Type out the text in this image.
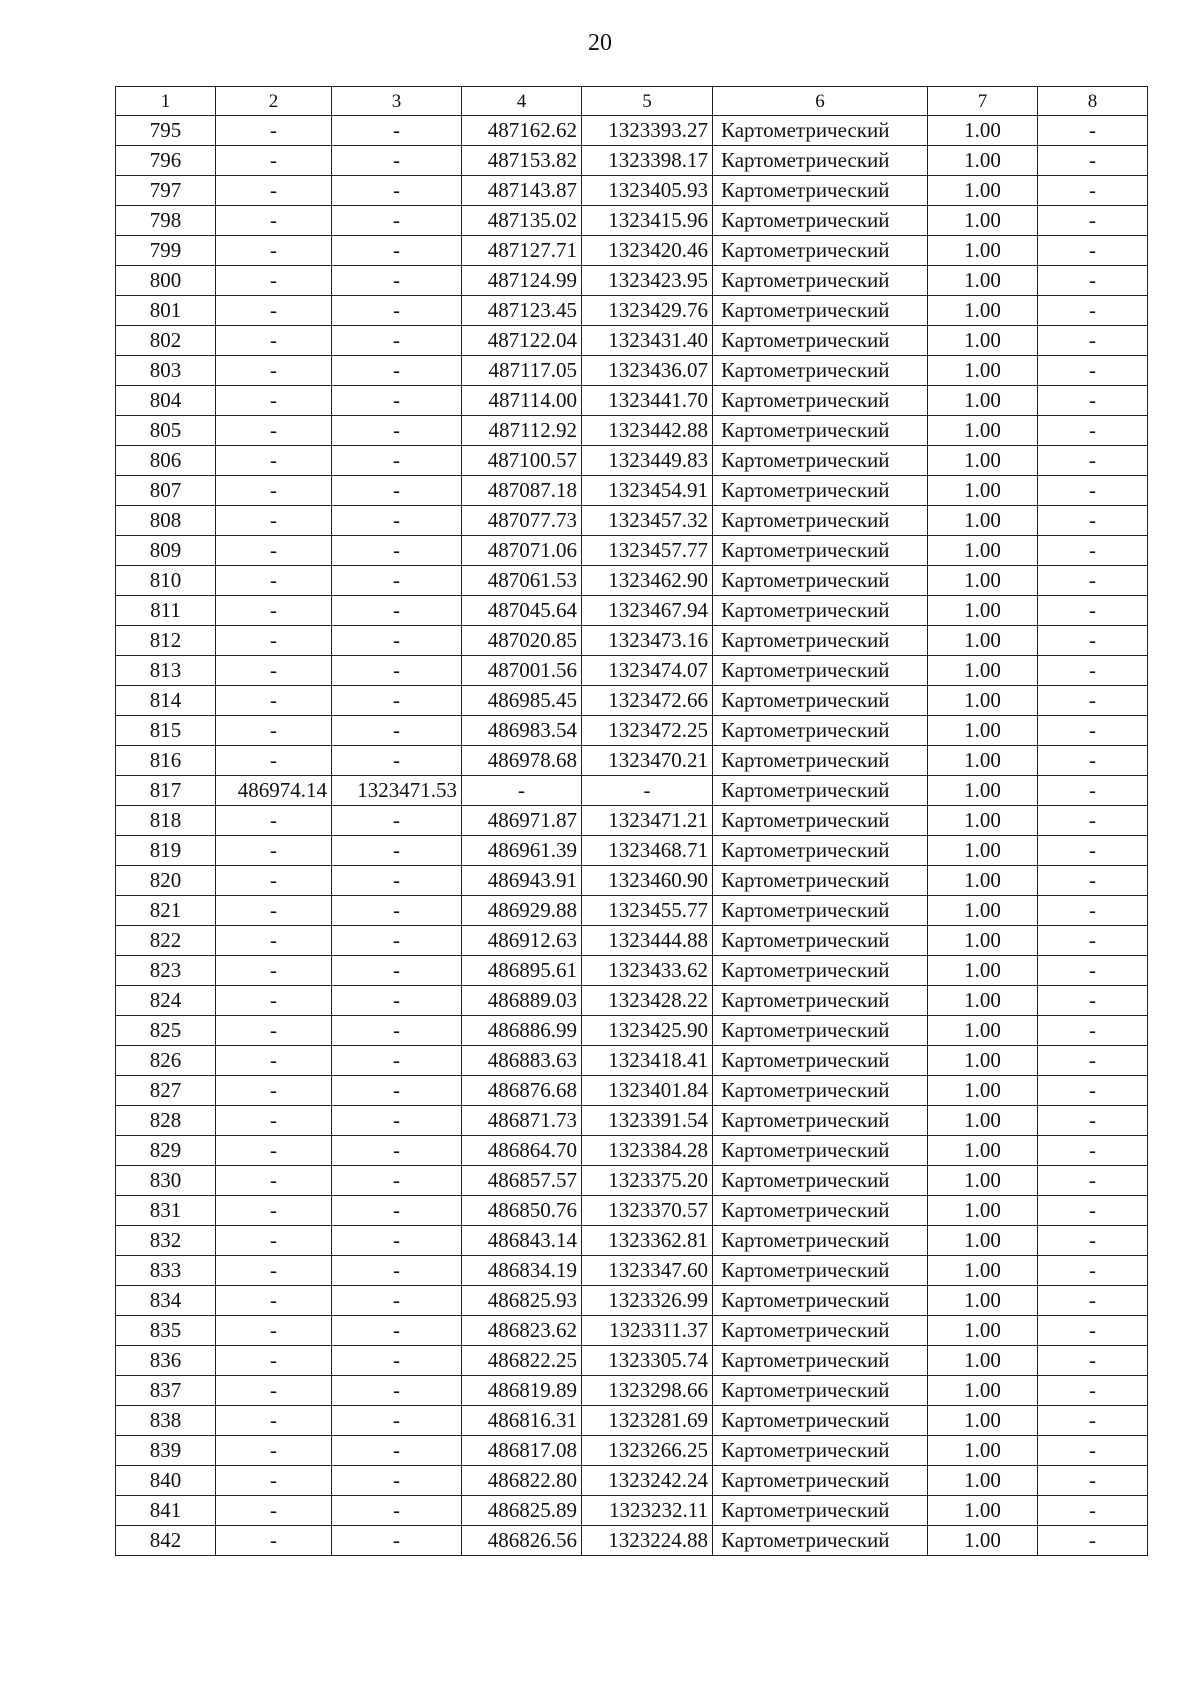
20
1	2	3	4	5	6	7	8
795	-	-	487162.62	1323393.27	Картометрический	1.00	-
796	-	-	487153.82	1323398.17	Картометрический	1.00	-
797	-	-	487143.87	1323405.93	Картометрический	1.00	-
798	-	-	487135.02	1323415.96	Картометрический	1.00	-
799	-	-	487127.71	1323420.46	Картометрический	1.00	-
800	-	-	487124.99	1323423.95	Картометрический	1.00	-
801	-	-	487123.45	1323429.76	Картометрический	1.00	-
802	-	-	487122.04	1323431.40	Картометрический	1.00	-
803	-	-	487117.05	1323436.07	Картометрический	1.00	-
804	-	-	487114.00	1323441.70	Картометрический	1.00	-
805	-	-	487112.92	1323442.88	Картометрический	1.00	-
806	-	-	487100.57	1323449.83	Картометрический	1.00	-
807	-	-	487087.18	1323454.91	Картометрический	1.00	-
808	-	-	487077.73	1323457.32	Картометрический	1.00	-
809	-	-	487071.06	1323457.77	Картометрический	1.00	-
810	-	-	487061.53	1323462.90	Картометрический	1.00	-
811	-	-	487045.64	1323467.94	Картометрический	1.00	-
812	-	-	487020.85	1323473.16	Картометрический	1.00	-
813	-	-	487001.56	1323474.07	Картометрический	1.00	-
814	-	-	486985.45	1323472.66	Картометрический	1.00	-
815	-	-	486983.54	1323472.25	Картометрический	1.00	-
816	-	-	486978.68	1323470.21	Картометрический	1.00	-
817	486974.14	1323471.53	-	-	Картометрический	1.00	-
818	-	-	486971.87	1323471.21	Картометрический	1.00	-
819	-	-	486961.39	1323468.71	Картометрический	1.00	-
820	-	-	486943.91	1323460.90	Картометрический	1.00	-
821	-	-	486929.88	1323455.77	Картометрический	1.00	-
822	-	-	486912.63	1323444.88	Картометрический	1.00	-
823	-	-	486895.61	1323433.62	Картометрический	1.00	-
824	-	-	486889.03	1323428.22	Картометрический	1.00	-
825	-	-	486886.99	1323425.90	Картометрический	1.00	-
826	-	-	486883.63	1323418.41	Картометрический	1.00	-
827	-	-	486876.68	1323401.84	Картометрический	1.00	-
828	-	-	486871.73	1323391.54	Картометрический	1.00	-
829	-	-	486864.70	1323384.28	Картометрический	1.00	-
830	-	-	486857.57	1323375.20	Картометрический	1.00	-
831	-	-	486850.76	1323370.57	Картометрический	1.00	-
832	-	-	486843.14	1323362.81	Картометрический	1.00	-
833	-	-	486834.19	1323347.60	Картометрический	1.00	-
834	-	-	486825.93	1323326.99	Картометрический	1.00	-
835	-	-	486823.62	1323311.37	Картометрический	1.00	-
836	-	-	486822.25	1323305.74	Картометрический	1.00	-
837	-	-	486819.89	1323298.66	Картометрический	1.00	-
838	-	-	486816.31	1323281.69	Картометрический	1.00	-
839	-	-	486817.08	1323266.25	Картометрический	1.00	-
840	-	-	486822.80	1323242.24	Картометрический	1.00	-
841	-	-	486825.89	1323232.11	Картометрический	1.00	-
842	-	-	486826.56	1323224.88	Картометрический	1.00	-
